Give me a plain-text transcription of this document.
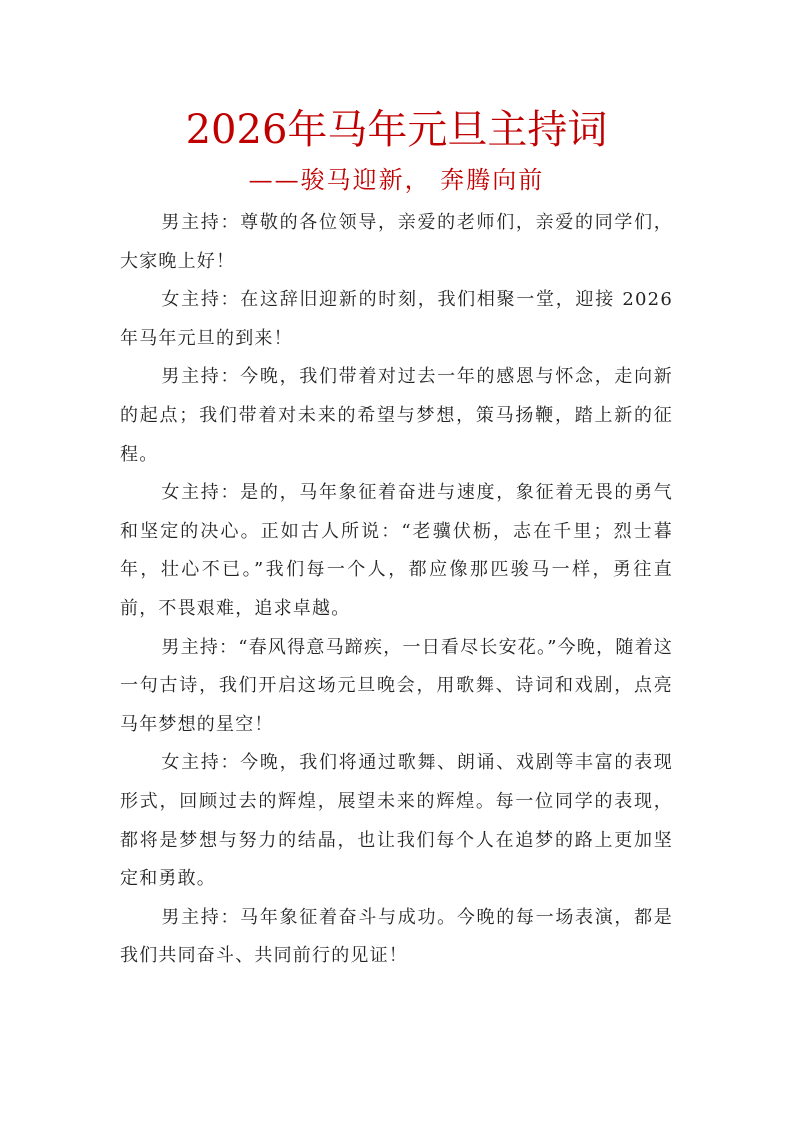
2026年马年元旦主持词
——骏马迎新， 奔腾向前

男主持：尊敬的各位领导，亲爱的老师们，亲爱的同学们，大家晚上好！

女主持：在这辞旧迎新的时刻，我们相聚一堂，迎接 2026 年马年元旦的到来！

男主持：今晚，我们带着对过去一年的感恩与怀念，走向新的起点；我们带着对未来的希望与梦想，策马扬鞭，踏上新的征程。

女主持：是的，马年象征着奋进与速度，象征着无畏的勇气和坚定的决心。正如古人所说：“老骥伏枥，志在千里；烈士暮年，壮心不已。”我们每一个人，都应像那匹骏马一样，勇往直前，不畏艰难，追求卓越。

男主持：“春风得意马蹄疾，一日看尽长安花。”今晚，随着这一句古诗，我们开启这场元旦晚会，用歌舞、诗词和戏剧，点亮马年梦想的星空！

女主持：今晚，我们将通过歌舞、朗诵、戏剧等丰富的表现形式，回顾过去的辉煌，展望未来的辉煌。每一位同学的表现，都将是梦想与努力的结晶，也让我们每个人在追梦的路上更加坚定和勇敢。

男主持：马年象征着奋斗与成功。今晚的每一场表演，都是我们共同奋斗、共同前行的见证！
